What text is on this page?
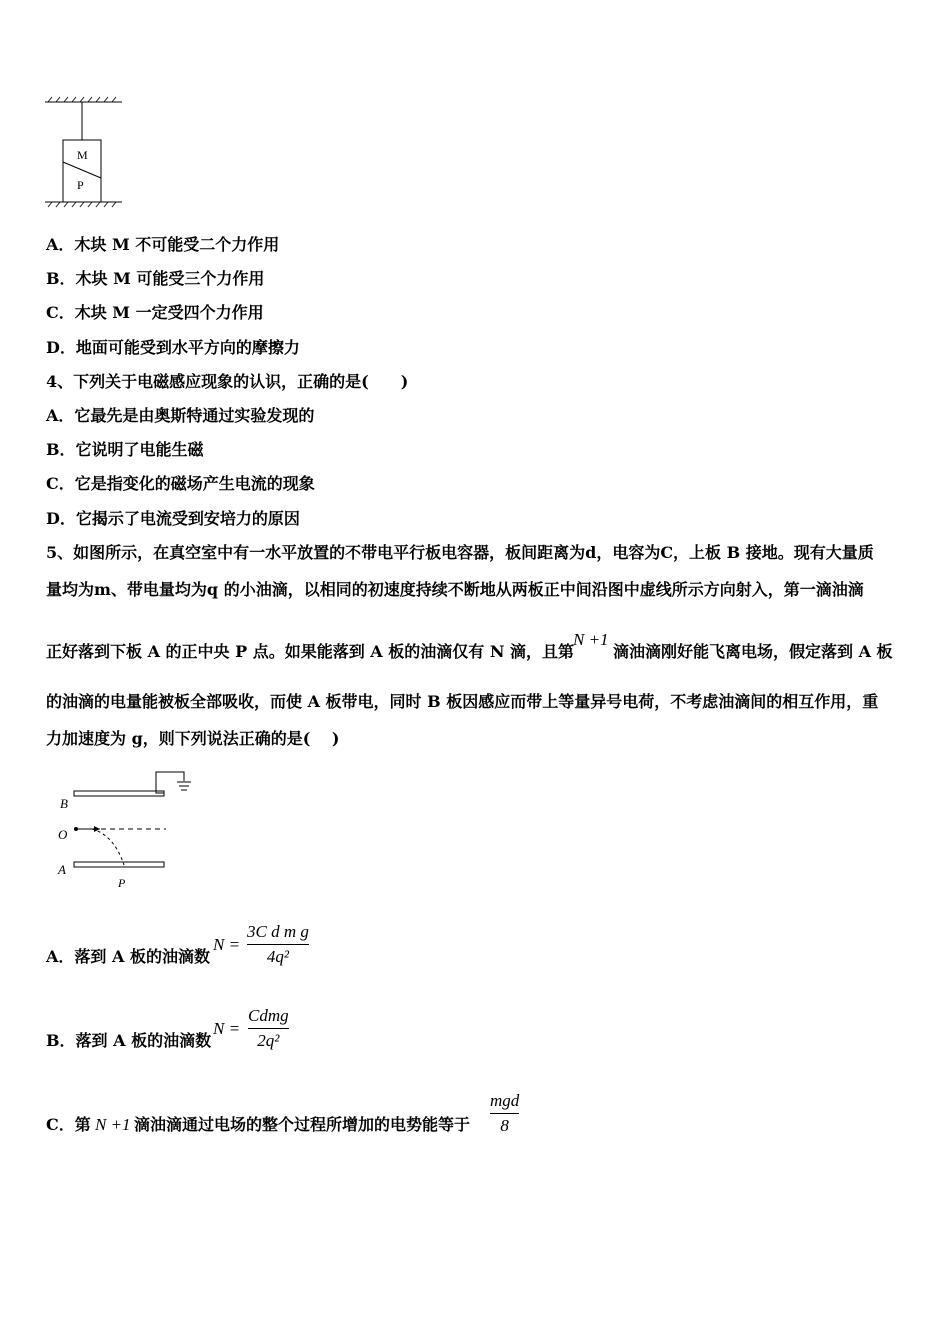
M
P
A．木块 M 不可能受二个力作用
B．木块 M 可能受三个力作用
C．木块 M 一定受四个力作用
D．地面可能受到水平方向的摩擦力
4、下列关于电磁感应现象的认识，正确的是(　　)
A．它最先是由奥斯特通过实验发现的
B．它说明了电能生磁
C．它是指变化的磁场产生电流的现象
D．它揭示了电流受到安培力的原因
5、如图所示，在真空室中有一水平放置的不带电平行板电容器，板间距离为d，电容为C，上板 B 接地。现有大量质
量均为m、带电量均为q 的小油滴，以相同的初速度持续不断地从两板正中间沿图中虚线所示方向射入，第一滴油滴
正好落到下板 A 的正中央 P 点。如果能落到 A 板的油滴仅有 N 滴，且第
N +1
滴油滴刚好能飞离电场，假定落到 A 板
的油滴的电量能被板全部吸收，而使 A 板带电，同时 B 板因感应而带上等量异号电荷，不考虑油滴间的相互作用，重
力加速度为 g，则下列说法正确的是(　 )
B
O
A
P
A．落到 A 板的油滴数
N =
3C d m g
4q²
B．落到 A 板的油滴数
N =
Cdmg
2q²
C．第 N +1 滴油滴通过电场的整个过程所增加的电势能等于
mgd
8
